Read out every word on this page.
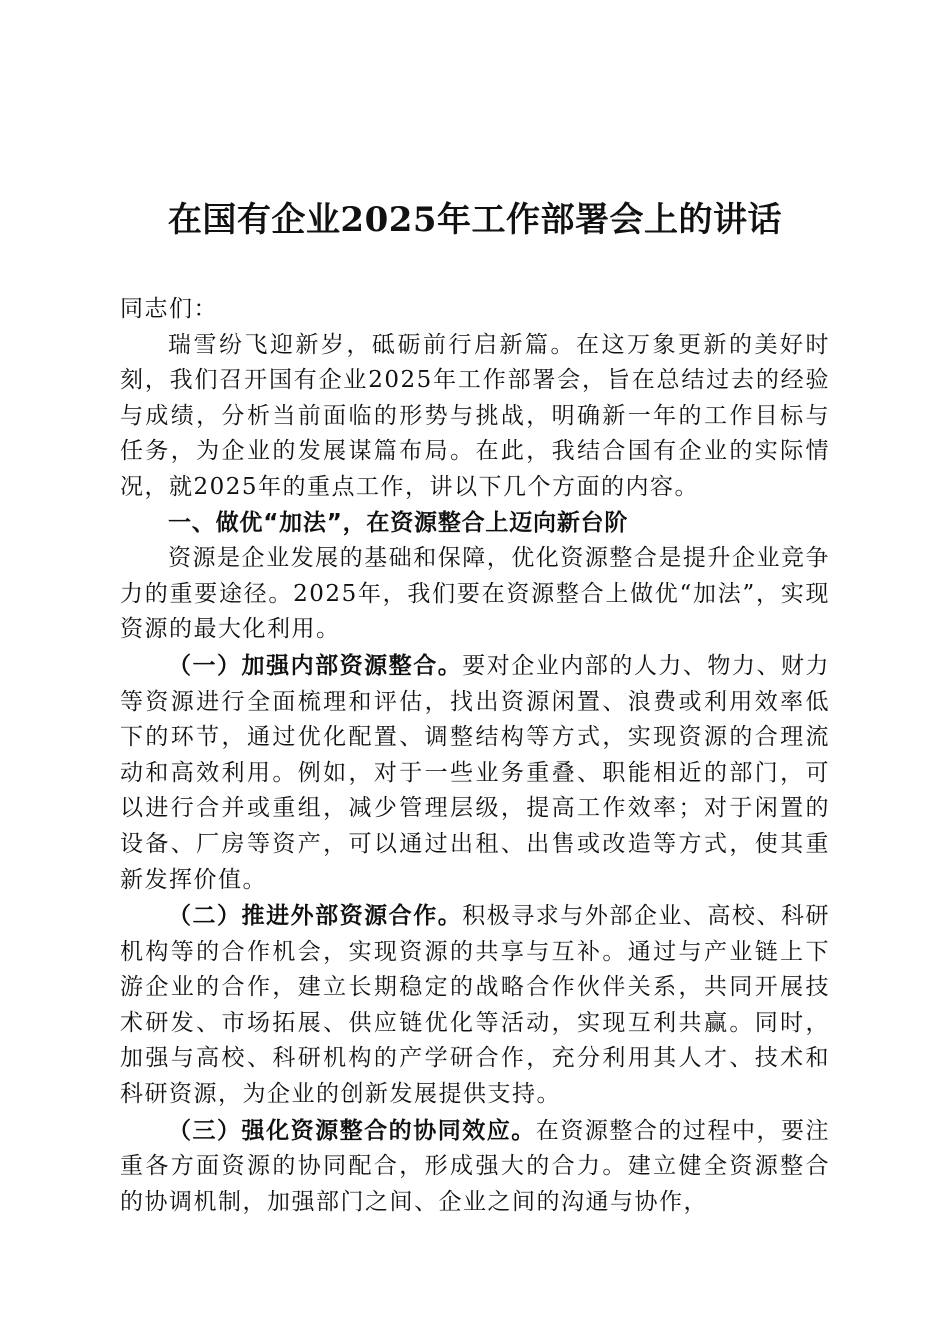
在国有企业2025年工作部署会上的讲话

同志们：

瑞雪纷飞迎新岁，砥砺前行启新篇。在这万象更新的美好时刻，我们召开国有企业2025年工作部署会，旨在总结过去的经验与成绩，分析当前面临的形势与挑战，明确新一年的工作目标与任务，为企业的发展谋篇布局。在此，我结合国有企业的实际情况，就2025年的重点工作，讲以下几个方面的内容。

一、做优“加法”，在资源整合上迈向新台阶

资源是企业发展的基础和保障，优化资源整合是提升企业竞争力的重要途径。2025年，我们要在资源整合上做优“加法”，实现资源的最大化利用。

（一）加强内部资源整合。要对企业内部的人力、物力、财力等资源进行全面梳理和评估，找出资源闲置、浪费或利用效率低下的环节，通过优化配置、调整结构等方式，实现资源的合理流动和高效利用。例如，对于一些业务重叠、职能相近的部门，可以进行合并或重组，减少管理层级，提高工作效率；对于闲置的设备、厂房等资产，可以通过出租、出售或改造等方式，使其重新发挥价值。

（二）推进外部资源合作。积极寻求与外部企业、高校、科研机构等的合作机会，实现资源的共享与互补。通过与产业链上下游企业的合作，建立长期稳定的战略合作伙伴关系，共同开展技术研发、市场拓展、供应链优化等活动，实现互利共赢。同时，加强与高校、科研机构的产学研合作，充分利用其人才、技术和科研资源，为企业的创新发展提供支持。

（三）强化资源整合的协同效应。在资源整合的过程中，要注重各方面资源的协同配合，形成强大的合力。建立健全资源整合的协调机制，加强部门之间、企业之间的沟通与协作，
